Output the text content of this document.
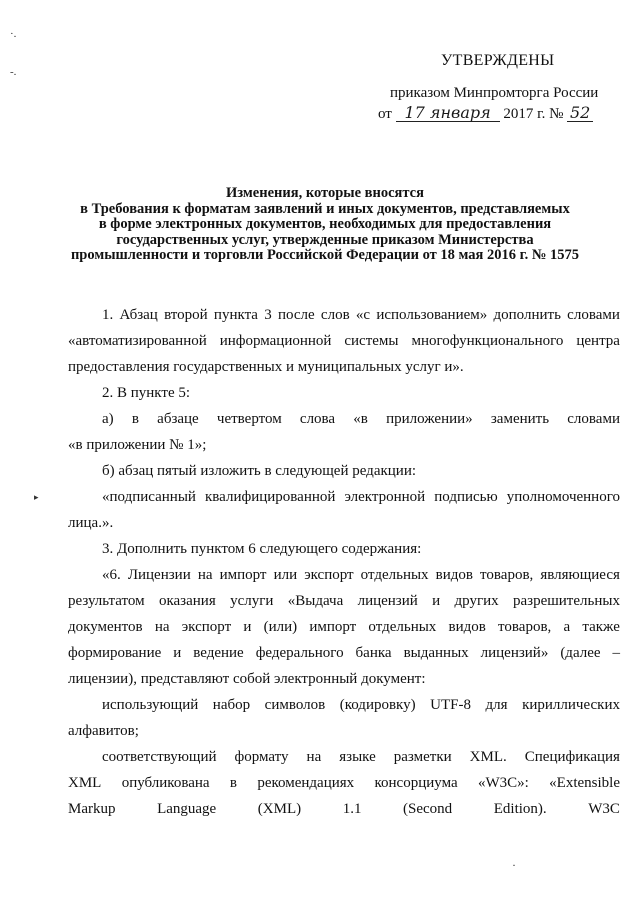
·.
-.
▸
·
УТВЕРЖДЕНЫ
приказом Минпромторга России
от 17 января 2017 г. № 52
Изменения, которые вносятся
в Требования к форматам заявлений и иных документов, представляемых
в форме электронных документов, необходимых для предоставления
государственных услуг, утвержденные приказом Министерства
промышленности и торговли Российской Федерации от 18 мая 2016 г. № 1575
1. Абзац второй пункта 3 после слов «с использованием» дополнить словами
«автоматизированной информационной системы многофункционального центра
предоставления государственных и муниципальных услуг и».
2. В пункте 5:
а) в абзаце четвертом слова «в приложении» заменить словами
«в приложении № 1»;
б) абзац пятый изложить в следующей редакции:
«подписанный квалифицированной электронной подписью уполномоченного
лица.».
3. Дополнить пунктом 6 следующего содержания:
«6. Лицензии на импорт или экспорт отдельных видов товаров, являющиеся
результатом оказания услуги «Выдача лицензий и других разрешительных
документов на экспорт и (или) импорт отдельных видов товаров, а также
формирование и ведение федерального банка выданных лицензий» (далее –
лицензии), представляют собой электронный документ:
использующий набор символов (кодировку) UTF-8 для кириллических
алфавитов;
соответствующий формату на языке разметки XML. Спецификация
XML опубликована в рекомендациях консорциума «W3C»: «Extensible
Markup	Language	(XML)	1.1	(Second	Edition).	W3C
